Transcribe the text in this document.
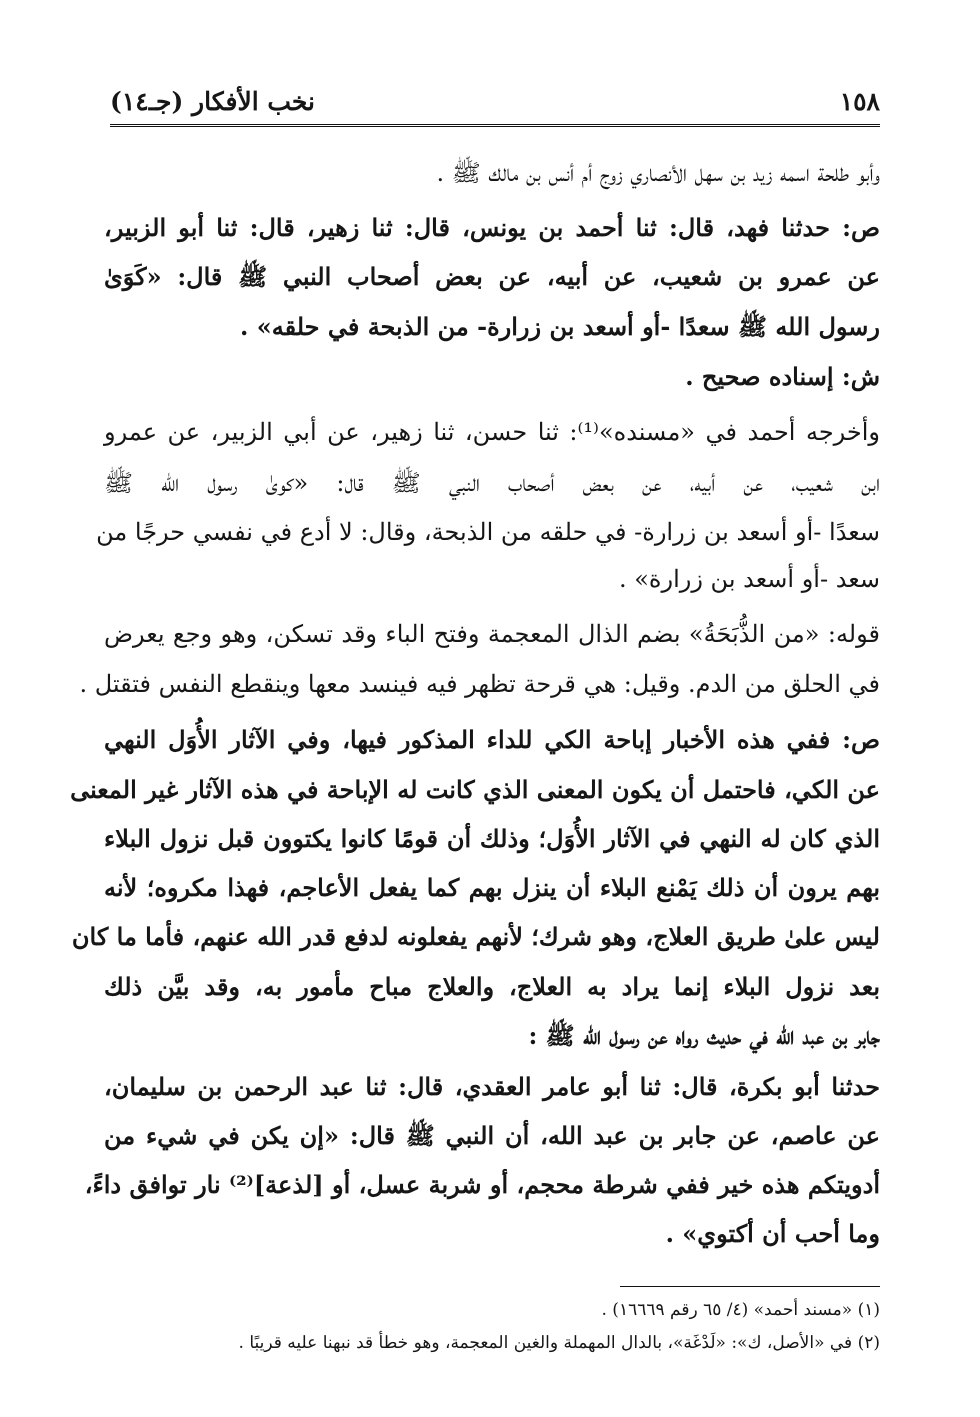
١٥٨
نخب الأفكار (جـ١٤)
وأبو طلحة اسمه زيد بن سهل الأنصاري زوج أم أنس بن مالك ﷺ .
ص: حدثنا فهد، قال: ثنا أحمد بن يونس، قال: ثنا زهير، قال: ثنا أبو الزبير،
عن عمرو بن شعيب، عن أبيه، عن بعض أصحاب النبي ﷺ قال: «كَوَىٰ
رسول الله ﷺ سعدًا -أو أسعد بن زرارة- من الذبحة في حلقه» .
ش: إسناده صحيح .
وأخرجه أحمد في «مسنده»⁽¹⁾: ثنا حسن، ثنا زهير، عن أبي الزبير، عن عمرو
ابن شعيب، عن أبيه، عن بعض أصحاب النبي ﷺ قال: «كوىٰ رسول الله ﷺ
سعدًا -أو أسعد بن زرارة- في حلقه من الذبحة، وقال: لا أدع في نفسي حرجًا من
سعد -أو أسعد بن زرارة» .
قوله: «من الذُّبَحَةُ» بضم الذال المعجمة وفتح الباء وقد تسكن، وهو وجع يعرض
في الحلق من الدم. وقيل: هي قرحة تظهر فيه فينسد معها وينقطع النفس فتقتل .
ص: ففي هذه الأخبار إباحة الكي للداء المذكور فيها، وفي الآثار الأُوَل النهي
عن الكي، فاحتمل أن يكون المعنى الذي كانت له الإباحة في هذه الآثار غير المعنى
الذي كان له النهي في الآثار الأُوَل؛ وذلك أن قومًا كانوا يكتوون قبل نزول البلاء
بهم يرون أن ذلك يَمْنع البلاء أن ينزل بهم كما يفعل الأعاجم، فهذا مكروه؛ لأنه
ليس علىٰ طريق العلاج، وهو شرك؛ لأنهم يفعلونه لدفع قدر الله عنهم، فأما ما كان
بعد نزول البلاء إنما يراد به العلاج، والعلاج مباح مأمور به، وقد بيَّن ذلك
جابر بن عبد الله في حديث رواه عن رسول الله ﷺ :
حدثنا أبو بكرة، قال: ثنا أبو عامر العقدي، قال: ثنا عبد الرحمن بن سليمان،
عن عاصم، عن جابر بن عبد الله، أن النبي ﷺ قال: «إن يكن في شيء من
أدويتكم هذه خير ففي شرطة محجم، أو شربة عسل، أو [لذعة]⁽²⁾ نار توافق داءً،
وما أحب أن أكتوي» .
(١) «مسند أحمد» (٤/ ٦٥ رقم ١٦٦٦٩) .
(٢) في «الأصل، ك»: «لَدْغَة»، بالدال المهملة والغين المعجمة، وهو خطأ قد نبهنا عليه قريبًا .
